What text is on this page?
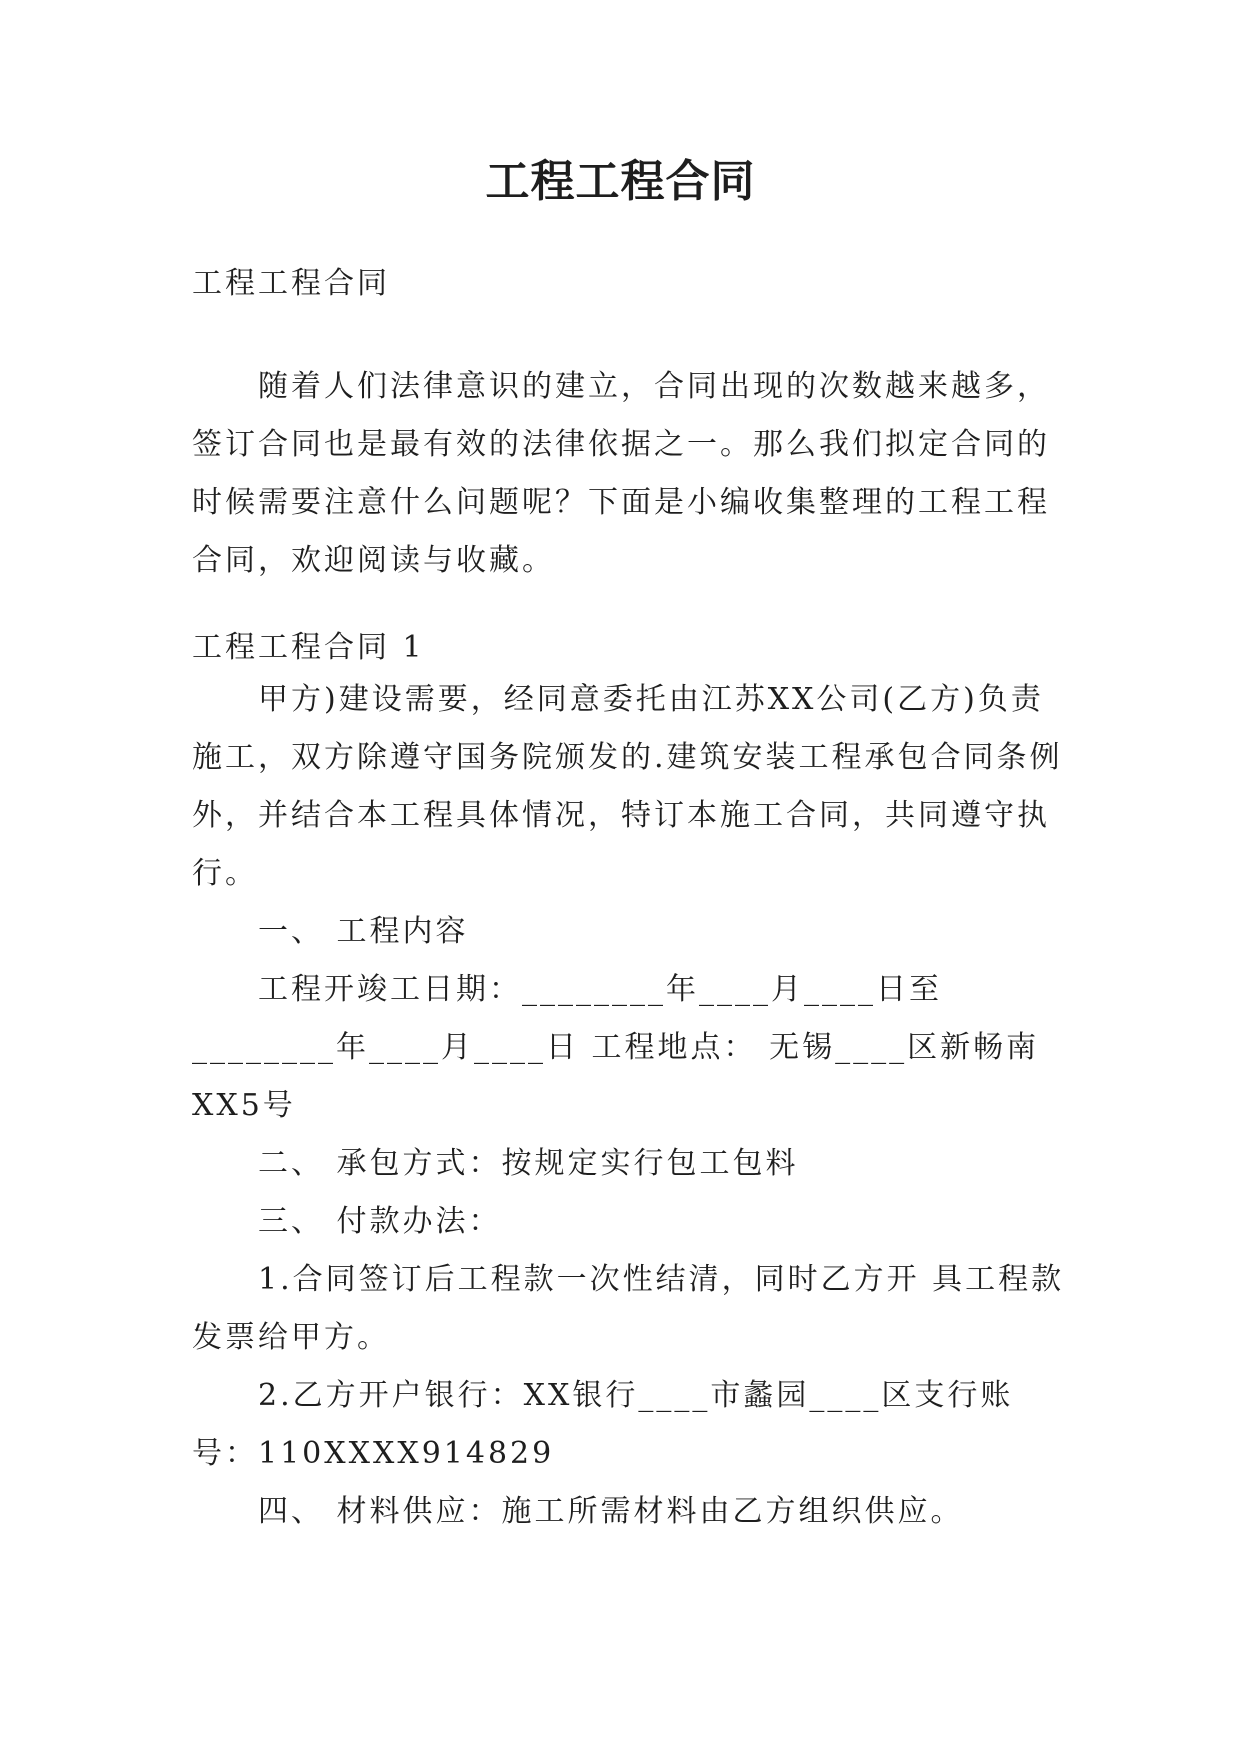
工程工程合同

工程工程合同

随着人们法律意识的建立，合同出现的次数越来越多，签订合同也是最有效的法律依据之一。那么我们拟定合同的时候需要注意什么问题呢？下面是小编收集整理的工程工程合同，欢迎阅读与收藏。

工程工程合同 1

甲方)建设需要，经同意委托由江苏XX公司(乙方)负责施工，双方除遵守国务院颁发的.建筑安装工程承包合同条例外，并结合本工程具体情况，特订本施工合同，共同遵守执行。

一、 工程内容

工程开竣工日期：________年____月____日至________年____月____日 工程地点： 无锡____区新畅南XX5号

二、 承包方式：按规定实行包工包料

三、 付款办法：

1.合同签订后工程款一次性结清，同时乙方开 具工程款发票给甲方。

2.乙方开户银行：XX银行____市蠡园____区支行账号：110XXXX914829

四、 材料供应：施工所需材料由乙方组织供应。
